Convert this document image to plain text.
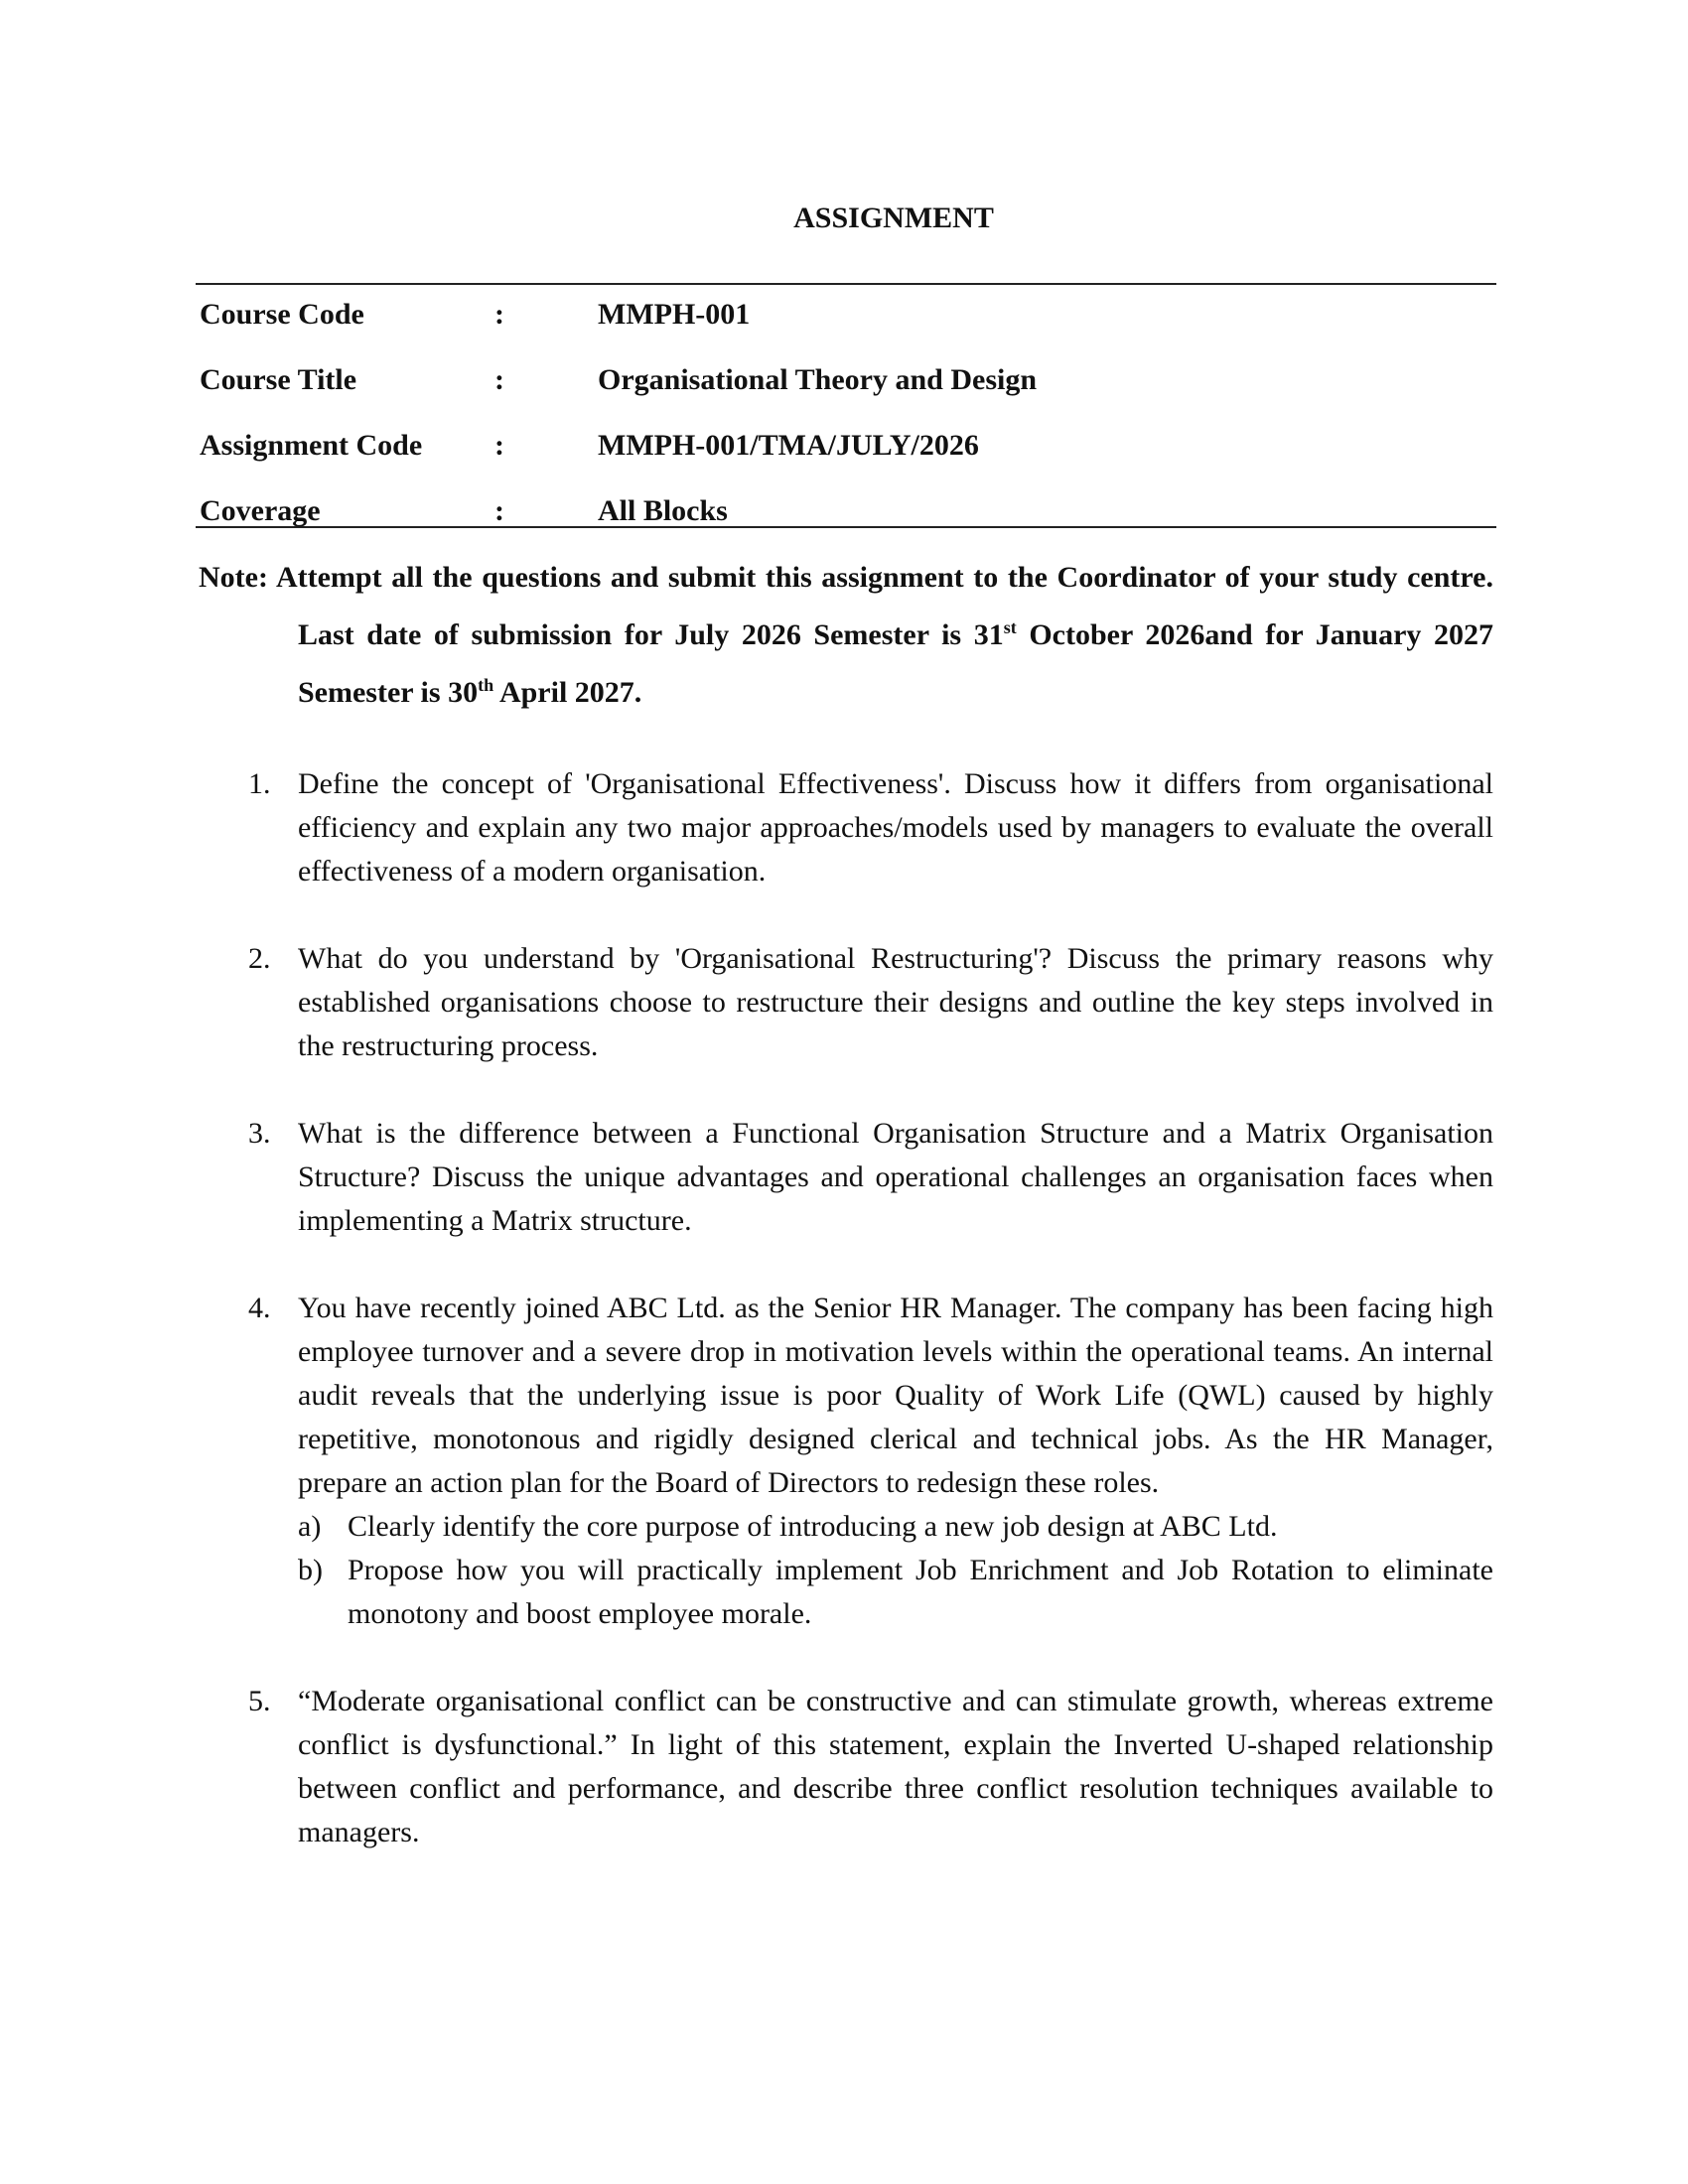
ASSIGNMENT
Course Code	:	MMPH-001
Course Title	:	Organisational Theory and Design
Assignment Code :	MMPH-001/TMA/JULY/2026
Coverage	:	All Blocks
Note: Attempt all the questions and submit this assignment to the Coordinator of your study centre. Last date of submission for July 2026 Semester is 31st October 2026and for January 2027 Semester is 30th April 2027.
1. Define the concept of 'Organisational Effectiveness'. Discuss how it differs from organisational efficiency and explain any two major approaches/models used by managers to evaluate the overall effectiveness of a modern organisation.
2. What do you understand by 'Organisational Restructuring'? Discuss the primary reasons why established organisations choose to restructure their designs and outline the key steps involved in the restructuring process.
3. What is the difference between a Functional Organisation Structure and a Matrix Organisation Structure? Discuss the unique advantages and operational challenges an organisation faces when implementing a Matrix structure.
4. You have recently joined ABC Ltd. as the Senior HR Manager. The company has been facing high employee turnover and a severe drop in motivation levels within the operational teams. An internal audit reveals that the underlying issue is poor Quality of Work Life (QWL) caused by highly repetitive, monotonous and rigidly designed clerical and technical jobs. As the HR Manager, prepare an action plan for the Board of Directors to redesign these roles.
a) Clearly identify the core purpose of introducing a new job design at ABC Ltd.
b) Propose how you will practically implement Job Enrichment and Job Rotation to eliminate monotony and boost employee morale.
5. “Moderate organisational conflict can be constructive and can stimulate growth, whereas extreme conflict is dysfunctional.” In light of this statement, explain the Inverted U-shaped relationship between conflict and performance, and describe three conflict resolution techniques available to managers.
